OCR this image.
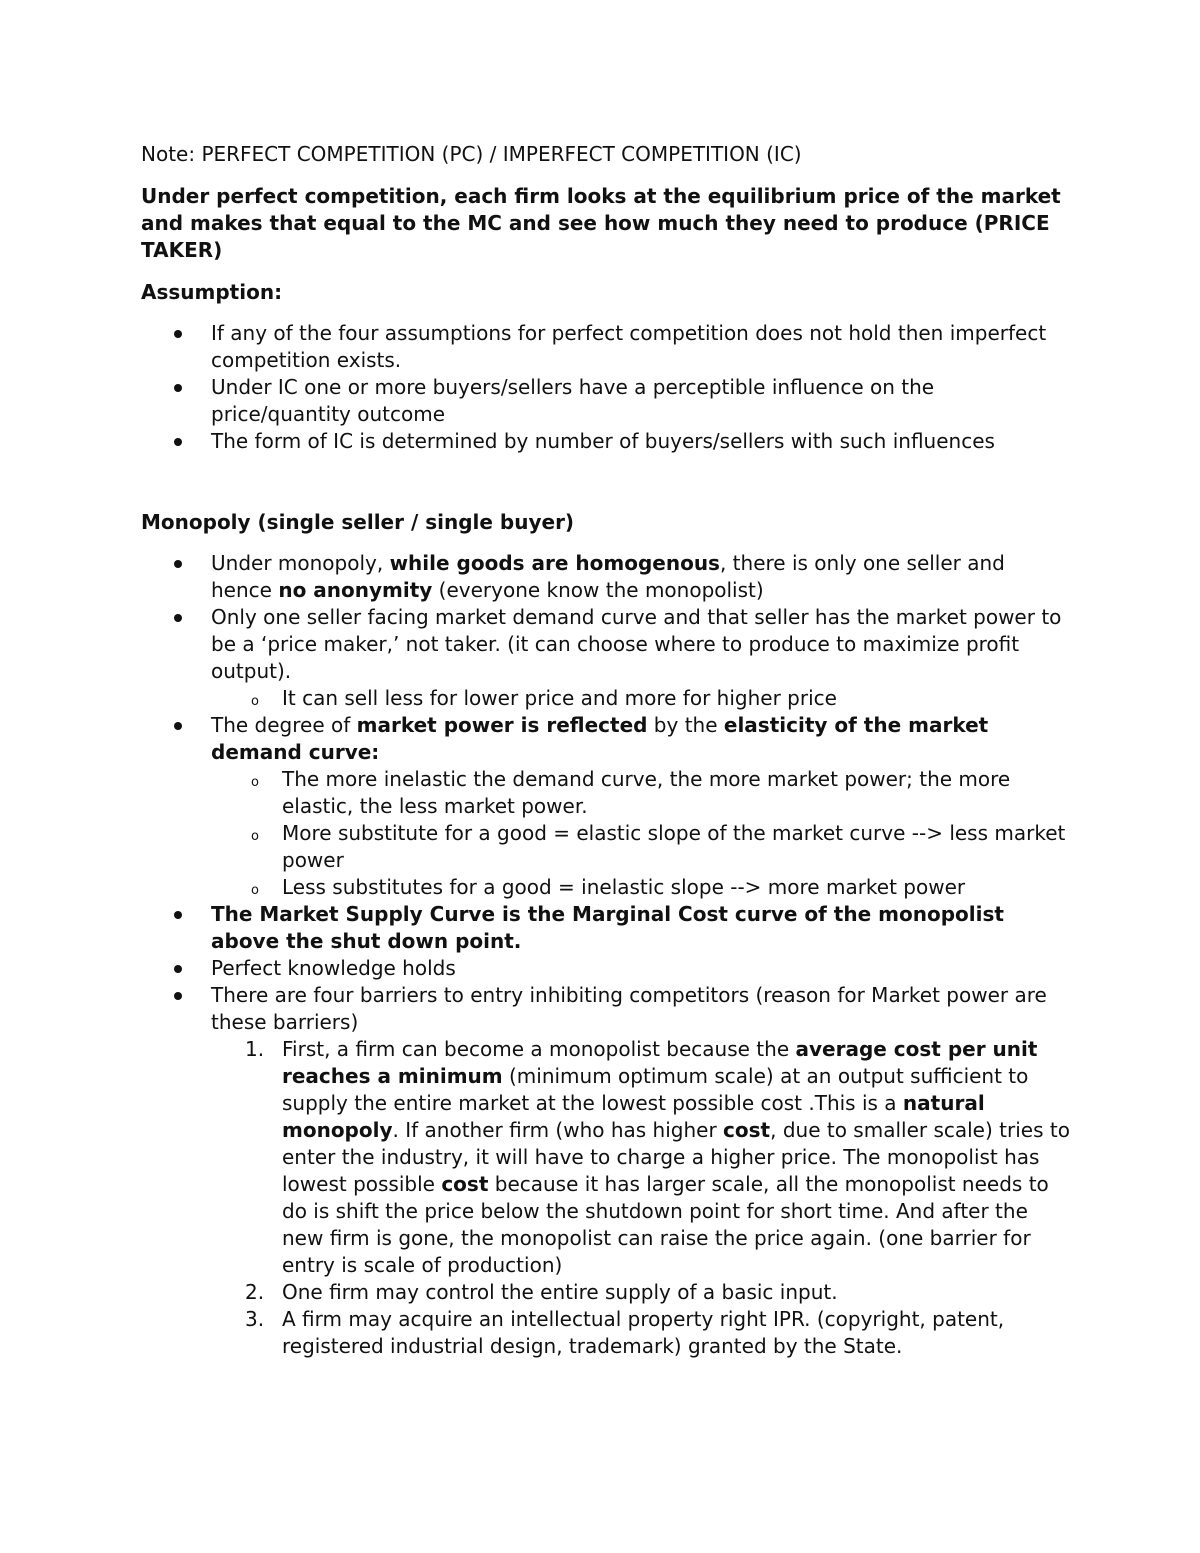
Note: PERFECT COMPETITION (PC) / IMPERFECT COMPETITION (IC)

Under perfect competition, each firm looks at the equilibrium price of the market and makes that equal to the MC and see how much they need to produce (PRICE TAKER)

Assumption:

If any of the four assumptions for perfect competition does not hold then imperfect competition exists.
Under IC one or more buyers/sellers have a perceptible influence on the price/quantity outcome
The form of IC is determined by number of buyers/sellers with such influences

Monopoly (single seller / single buyer)

Under monopoly, while goods are homogenous, there is only one seller and hence no anonymity (everyone know the monopolist)
Only one seller facing market demand curve and that seller has the market power to be a ‘price maker,’ not taker. (it can choose where to produce to maximize profit output).
o It can sell less for lower price and more for higher price
The degree of market power is reflected by the elasticity of the market demand curve:
o The more inelastic the demand curve, the more market power; the more elastic, the less market power.
o More substitute for a good = elastic slope of the market curve --> less market power
o Less substitutes for a good = inelastic slope --> more market power
The Market Supply Curve is the Marginal Cost curve of the monopolist above the shut down point.
Perfect knowledge holds
There are four barriers to entry inhibiting competitors (reason for Market power are these barriers)
1. First, a firm can become a monopolist because the average cost per unit reaches a minimum (minimum optimum scale) at an output sufficient to supply the entire market at the lowest possible cost .This is a natural monopoly. If another firm (who has higher cost, due to smaller scale) tries to enter the industry, it will have to charge a higher price. The monopolist has lowest possible cost because it has larger scale, all the monopolist needs to do is shift the price below the shutdown point for short time. And after the new firm is gone, the monopolist can raise the price again. (one barrier for entry is scale of production)
2. One firm may control the entire supply of a basic input.
3. A firm may acquire an intellectual property right IPR. (copyright, patent, registered industrial design, trademark) granted by the State.
